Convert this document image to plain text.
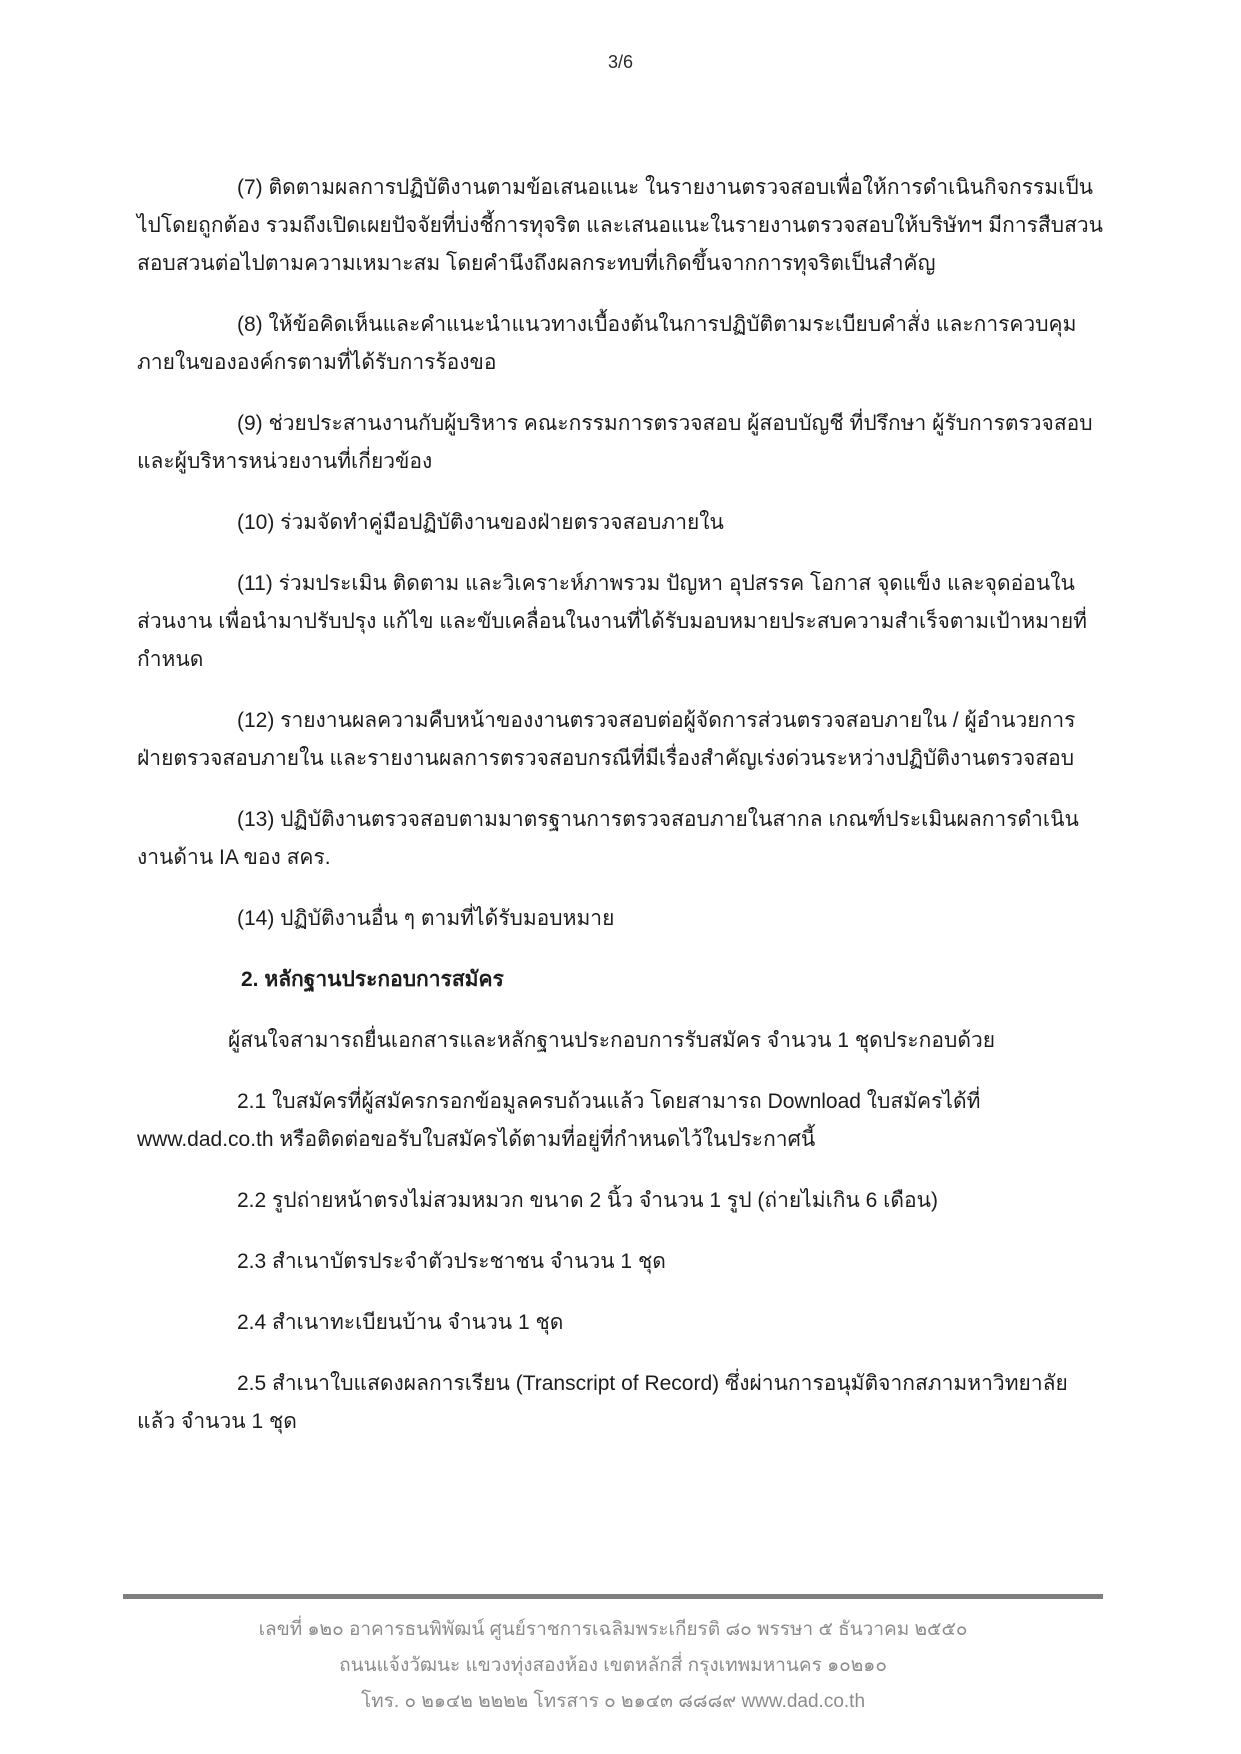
3/6

(7) ติดตามผลการปฏิบัติงานตามข้อเสนอแนะ ในรายงานตรวจสอบเพื่อให้การดำเนินกิจกรรมเป็นไปโดยถูกต้อง รวมถึงเปิดเผยปัจจัยที่บ่งชี้การทุจริต และเสนอแนะในรายงานตรวจสอบให้บริษัทฯ มีการสืบสวนสอบสวนต่อไปตามความเหมาะสม โดยคำนึงถึงผลกระทบที่เกิดขึ้นจากการทุจริตเป็นสำคัญ

(8) ให้ข้อคิดเห็นและคำแนะนำแนวทางเบื้องต้นในการปฏิบัติตามระเบียบคำสั่ง และการควบคุมภายในขององค์กรตามที่ได้รับการร้องขอ

(9) ช่วยประสานงานกับผู้บริหาร คณะกรรมการตรวจสอบ ผู้สอบบัญชี ที่ปรึกษา ผู้รับการตรวจสอบและผู้บริหารหน่วยงานที่เกี่ยวข้อง

(10) ร่วมจัดทำคู่มือปฏิบัติงานของฝ่ายตรวจสอบภายใน

(11) ร่วมประเมิน ติดตาม และวิเคราะห์ภาพรวม ปัญหา อุปสรรค โอกาส จุดแข็ง และจุดอ่อนในส่วนงาน เพื่อนำมาปรับปรุง แก้ไข และขับเคลื่อนในงานที่ได้รับมอบหมายประสบความสำเร็จตามเป้าหมายที่กำหนด

(12) รายงานผลความคืบหน้าของงานตรวจสอบต่อผู้จัดการส่วนตรวจสอบภายใน / ผู้อำนวยการฝ่ายตรวจสอบภายใน และรายงานผลการตรวจสอบกรณีที่มีเรื่องสำคัญเร่งด่วนระหว่างปฏิบัติงานตรวจสอบ

(13) ปฏิบัติงานตรวจสอบตามมาตรฐานการตรวจสอบภายในสากล เกณฑ์ประเมินผลการดำเนินงานด้าน IA ของ สคร.

(14) ปฏิบัติงานอื่น ๆ ตามที่ได้รับมอบหมาย

2. หลักฐานประกอบการสมัคร

ผู้สนใจสามารถยื่นเอกสารและหลักฐานประกอบการรับสมัคร จำนวน 1 ชุดประกอบด้วย

2.1 ใบสมัครที่ผู้สมัครกรอกข้อมูลครบถ้วนแล้ว โดยสามารถ Download ใบสมัครได้ที่ www.dad.co.th หรือติดต่อขอรับใบสมัครได้ตามที่อยู่ที่กำหนดไว้ในประกาศนี้

2.2 รูปถ่ายหน้าตรงไม่สวมหมวก ขนาด 2 นิ้ว จำนวน 1 รูป (ถ่ายไม่เกิน 6 เดือน)

2.3 สำเนาบัตรประจำตัวประชาชน จำนวน 1 ชุด

2.4 สำเนาทะเบียนบ้าน จำนวน 1 ชุด

2.5 สำเนาใบแสดงผลการเรียน (Transcript of Record) ซึ่งผ่านการอนุมัติจากสภามหาวิทยาลัยแล้ว จำนวน 1 ชุด

เลขที่ ๑๒๐ อาคารธนพิพัฒน์ ศูนย์ราชการเฉลิมพระเกียรติ ๘๐ พรรษา ๕ ธันวาคม ๒๕๕๐
ถนนแจ้งวัฒนะ แขวงทุ่งสองห้อง เขตหลักสี่ กรุงเทพมหานคร ๑๐๒๑๐
โทร. ๐ ๒๑๔๒ ๒๒๒๒ โทรสาร ๐ ๒๑๔๓ ๘๘๘๙ www.dad.co.th
